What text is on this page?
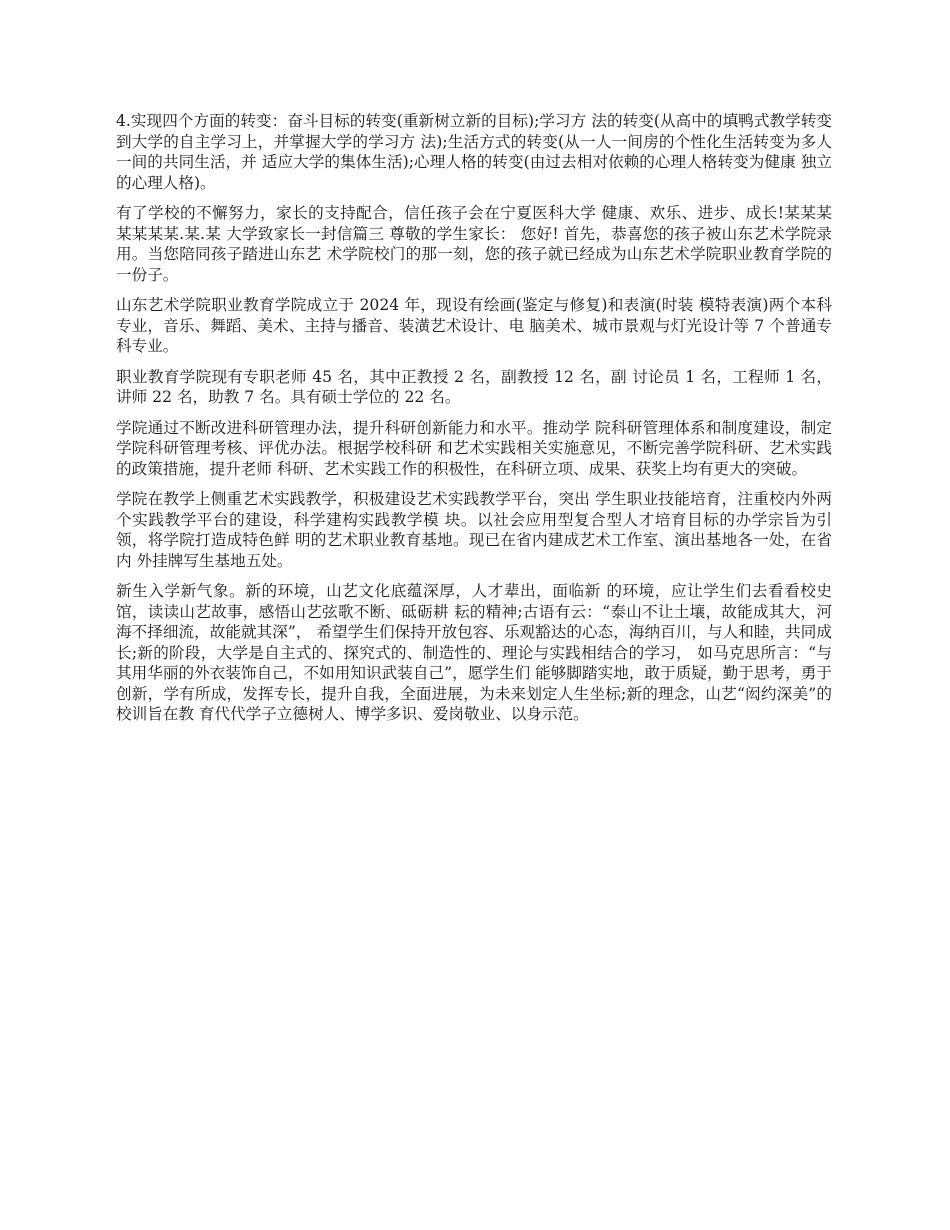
4.实现四个方面的转变：奋斗目标的转变(重新树立新的目标);学习方 法的转变(从高中的填鸭式教学转变到大学的自主学习上，并掌握大学的学习方 法);生活方式的转变(从一人一间房的个性化生活转变为多人一间的共同生活，并 适应大学的集体生活);心理人格的转变(由过去相对依赖的心理人格转变为健康 独立的心理人格)。

有了学校的不懈努力，家长的支持配合，信任孩子会在宁夏医科大学 健康、欢乐、进步、成长!某某某 某某某某.某.某 大学致家长一封信篇三 尊敬的学生家长： 您好! 首先，恭喜您的孩子被山东艺术学院录用。当您陪同孩子踏进山东艺 术学院校门的那一刻，您的孩子就已经成为山东艺术学院职业教育学院的一份子。

山东艺术学院职业教育学院成立于 2024 年，现设有绘画(鉴定与修复)和表演(时装 模特表演)两个本科专业，音乐、舞蹈、美术、主持与播音、装潢艺术设计、电 脑美术、城市景观与灯光设计等 7 个普通专科专业。

职业教育学院现有专职老师 45 名，其中正教授 2 名，副教授 12 名，副 讨论员 1 名，工程师 1 名，讲师 22 名，助教 7 名。具有硕士学位的 22 名。

学院通过不断改进科研管理办法，提升科研创新能力和水平。推动学 院科研管理体系和制度建设，制定学院科研管理考核、评优办法。根据学校科研 和艺术实践相关实施意见，不断完善学院科研、艺术实践的政策措施，提升老师 科研、艺术实践工作的积极性，在科研立项、成果、获奖上均有更大的突破。

学院在教学上侧重艺术实践教学，积极建设艺术实践教学平台，突出 学生职业技能培育，注重校内外两个实践教学平台的建设，科学建构实践教学模 块。以社会应用型复合型人才培育目标的办学宗旨为引领，将学院打造成特色鲜 明的艺术职业教育基地。现已在省内建成艺术工作室、演出基地各一处，在省内 外挂牌写生基地五处。

新生入学新气象。新的环境，山艺文化底蕴深厚，人才辈出，面临新 的环境，应让学生们去看看校史馆，读读山艺故事，感悟山艺弦歌不断、砥砺耕 耘的精神;古语有云：“泰山不让土壤，故能成其大，河海不择细流，故能就其深”， 希望学生们保持开放包容、乐观豁达的心态，海纳百川，与人和睦，共同成长;新的阶段，大学是自主式的、探究式的、制造性的、理论与实践相结合的学习， 如马克思所言：“与其用华丽的外衣装饰自己，不如用知识武装自己”，愿学生们 能够脚踏实地，敢于质疑，勤于思考，勇于创新，学有所成，发挥专长，提升自我，全面进展，为未来划定人生坐标;新的理念，山艺“闳约深美”的校训旨在教 育代代学子立德树人、博学多识、爱岗敬业、以身示范。
